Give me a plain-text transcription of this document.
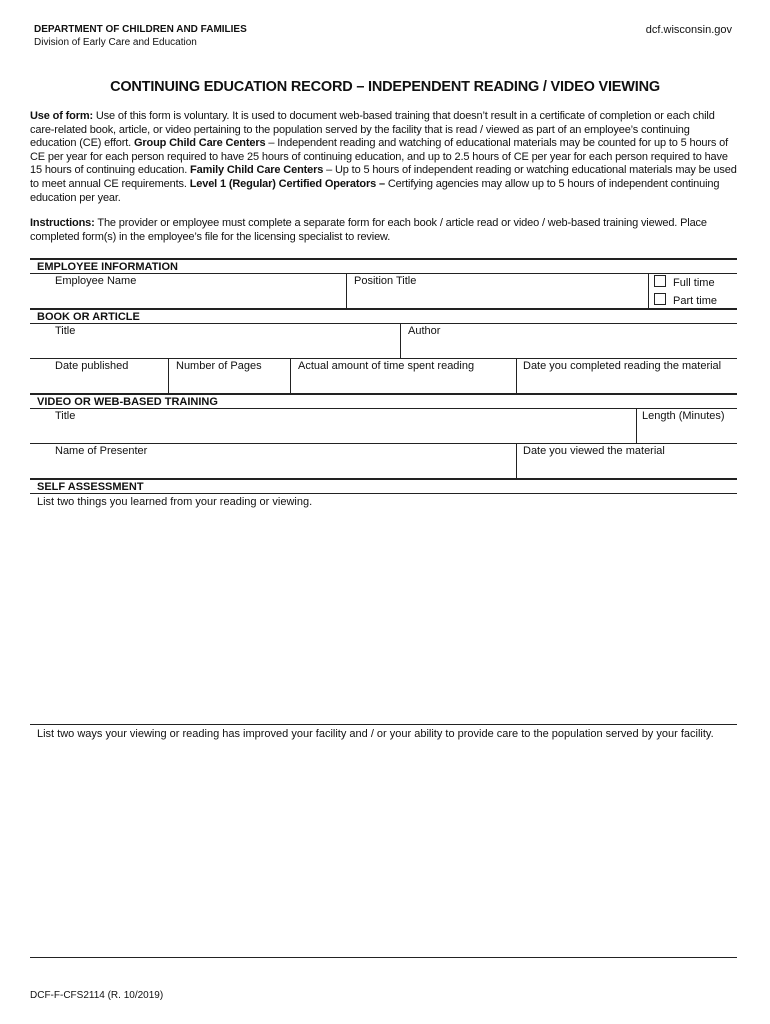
DEPARTMENT OF CHILDREN AND FAMILIES
Division of Early Care and Education
dcf.wisconsin.gov
CONTINUING EDUCATION RECORD – INDEPENDENT READING / VIDEO VIEWING
Use of form: Use of this form is voluntary. It is used to document web-based training that doesn’t result in a certificate of completion or each child care-related book, article, or video pertaining to the population served by the facility that is read / viewed as part of an employee’s continuing education (CE) effort. Group Child Care Centers – Independent reading and watching of educational materials may be counted for up to 5 hours of CE per year for each person required to have 25 hours of continuing education, and up to 2.5 hours of CE per year for each person required to have 15 hours of continuing education. Family Child Care Centers – Up to 5 hours of independent reading or watching educational materials may be used to meet annual CE requirements. Level 1 (Regular) Certified Operators – Certifying agencies may allow up to 5 hours of independent continuing education per year.
Instructions: The provider or employee must complete a separate form for each book / article read or video / web-based training viewed. Place completed form(s) in the employee’s file for the licensing specialist to review.
EMPLOYEE INFORMATION
Employee Name	Position Title	Full time
Part time
BOOK OR ARTICLE
Title	Author
Date published	Number of Pages	Actual amount of time spent reading	Date you completed reading the material
VIDEO OR WEB-BASED TRAINING
Title	Length (Minutes)
Name of Presenter	Date you viewed the material
SELF ASSESSMENT
List two things you learned from your reading or viewing.
List two ways your viewing or reading has improved your facility and / or your ability to provide care to the population served by your facility.
DCF-F-CFS2114 (R. 10/2019)
